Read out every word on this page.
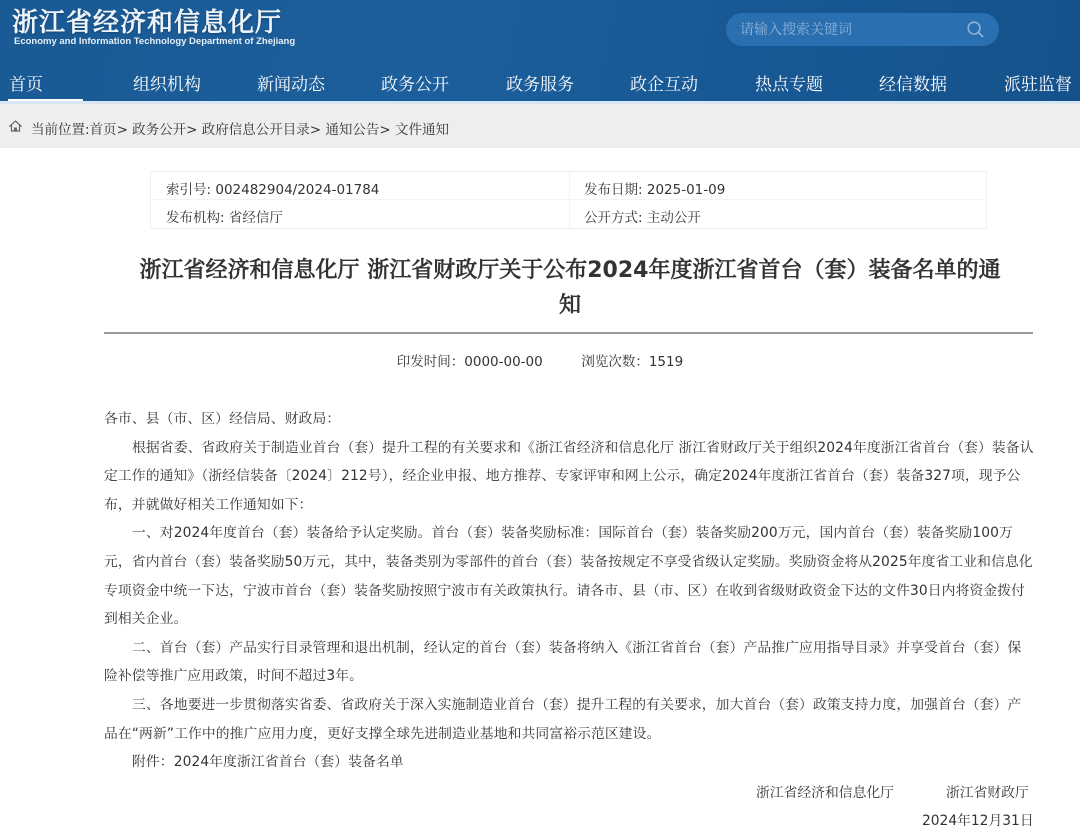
浙江省经济和信息化厅
Economy and Information Technology Department of Zhejiang
请输入搜索关键词
首页	组织机构	新闻动态	政务公开	政务服务	政企互动	热点专题	经信数据	派驻监督
当前位置:首页> 政务公开> 政府信息公开目录> 通知公告> 文件通知
索引号: 002482904/2024-01784	发布日期: 2025-01-09
发布机构: 省经信厅	公开方式: 主动公开
浙江省经济和信息化厅 浙江省财政厅关于公布2024年度浙江省首台（套）装备名单的通
知
印发时间：0000-00-00	浏览次数：1519

各市、县（市、区）经信局、财政局：

根据省委、省政府关于制造业首台（套）提升工程的有关要求和《浙江省经济和信息化厅 浙江省财政厅关于组织2024年度浙江省首台（套）装备认定工作的通知》（浙经信装备〔2024〕212号），经企业申报、地方推荐、专家评审和网上公示，确定2024年度浙江省首台（套）装备327项，现予公布，并就做好相关工作通知如下：

一、对2024年度首台（套）装备给予认定奖励。首台（套）装备奖励标准：国际首台（套）装备奖励200万元，国内首台（套）装备奖励100万元，省内首台（套）装备奖励50万元，其中，装备类别为零部件的首台（套）装备按规定不享受省级认定奖励。奖励资金将从2025年度省工业和信息化专项资金中统一下达，宁波市首台（套）装备奖励按照宁波市有关政策执行。请各市、县（市、区）在收到省级财政资金下达的文件30日内将资金拨付到相关企业。

二、首台（套）产品实行目录管理和退出机制，经认定的首台（套）装备将纳入《浙江省首台（套）产品推广应用指导目录》并享受首台（套）保险补偿等推广应用政策，时间不超过3年。

三、各地要进一步贯彻落实省委、省政府关于深入实施制造业首台（套）提升工程的有关要求，加大首台（套）政策支持力度，加强首台（套）产品在“两新”工作中的推广应用力度，更好支撑全球先进制造业基地和共同富裕示范区建设。

附件：2024年度浙江省首台（套）装备名单

浙江省经济和信息化厅	浙江省财政厅
2024年12月31日
